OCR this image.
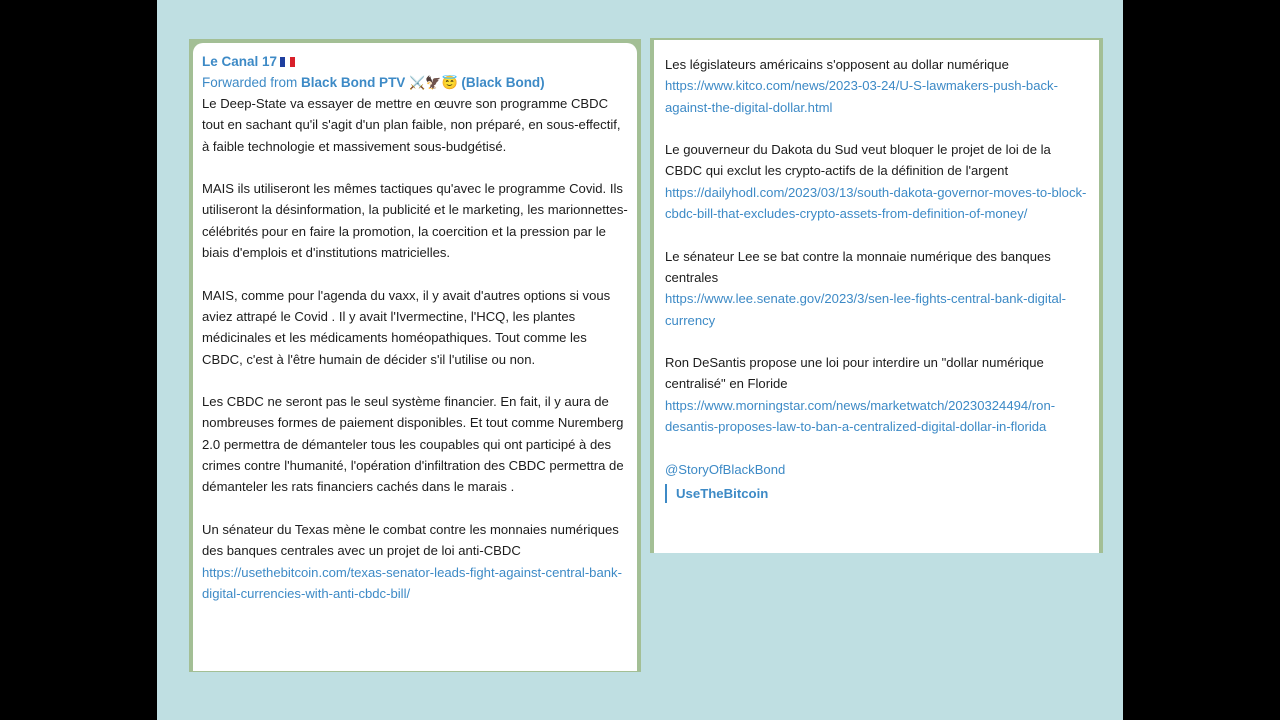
Le Canal 17
Forwarded from Black Bond PTV ⚔️🦅😇 (Black Bond)

Le Deep-State va essayer de mettre en œuvre son programme CBDC tout en sachant qu'il s'agit d'un plan faible, non préparé, en sous-effectif, à faible technologie et massivement sous-budgétisé.

MAIS ils utiliseront les mêmes tactiques qu'avec le programme Covid. Ils utiliseront la désinformation, la publicité et le marketing, les marionnettes-célébrités pour en faire la promotion, la coercition et la pression par le biais d'emplois et d'institutions matricielles.

MAIS, comme pour l'agenda du vaxx, il y avait d'autres options si vous aviez attrapé le Covid . Il y avait l'Ivermectine, l'HCQ, les plantes médicinales et les médicaments homéopathiques. Tout comme les CBDC, c'est à l'être humain de décider s'il l'utilise ou non.

Les CBDC ne seront pas le seul système financier. En fait, il y aura de nombreuses formes de paiement disponibles. Et tout comme Nuremberg 2.0 permettra de démanteler tous les coupables qui ont participé à des crimes contre l'humanité, l'opération d'infiltration des CBDC permettra de démanteler les rats financiers cachés dans le marais .

Un sénateur du Texas mène le combat contre les monnaies numériques des banques centrales avec un projet de loi anti-CBDC
https://usethebitcoin.com/texas-senator-leads-fight-against-central-bank-digital-currencies-with-anti-cbdc-bill/

Les législateurs américains s'opposent au dollar numérique
https://www.kitco.com/news/2023-03-24/U-S-lawmakers-push-back-against-the-digital-dollar.html

Le gouverneur du Dakota du Sud veut bloquer le projet de loi de la CBDC qui exclut les crypto-actifs de la définition de l'argent
https://dailyhodl.com/2023/03/13/south-dakota-governor-moves-to-block-cbdc-bill-that-excludes-crypto-assets-from-definition-of-money/

Le sénateur Lee se bat contre la monnaie numérique des banques centrales
https://www.lee.senate.gov/2023/3/sen-lee-fights-central-bank-digital-currency

Ron DeSantis propose une loi pour interdire un "dollar numérique centralisé" en Floride
https://www.morningstar.com/news/marketwatch/20230324494/ron-desantis-proposes-law-to-ban-a-centralized-digital-dollar-in-florida

@StoryOfBlackBond

UseTheBitcoin
